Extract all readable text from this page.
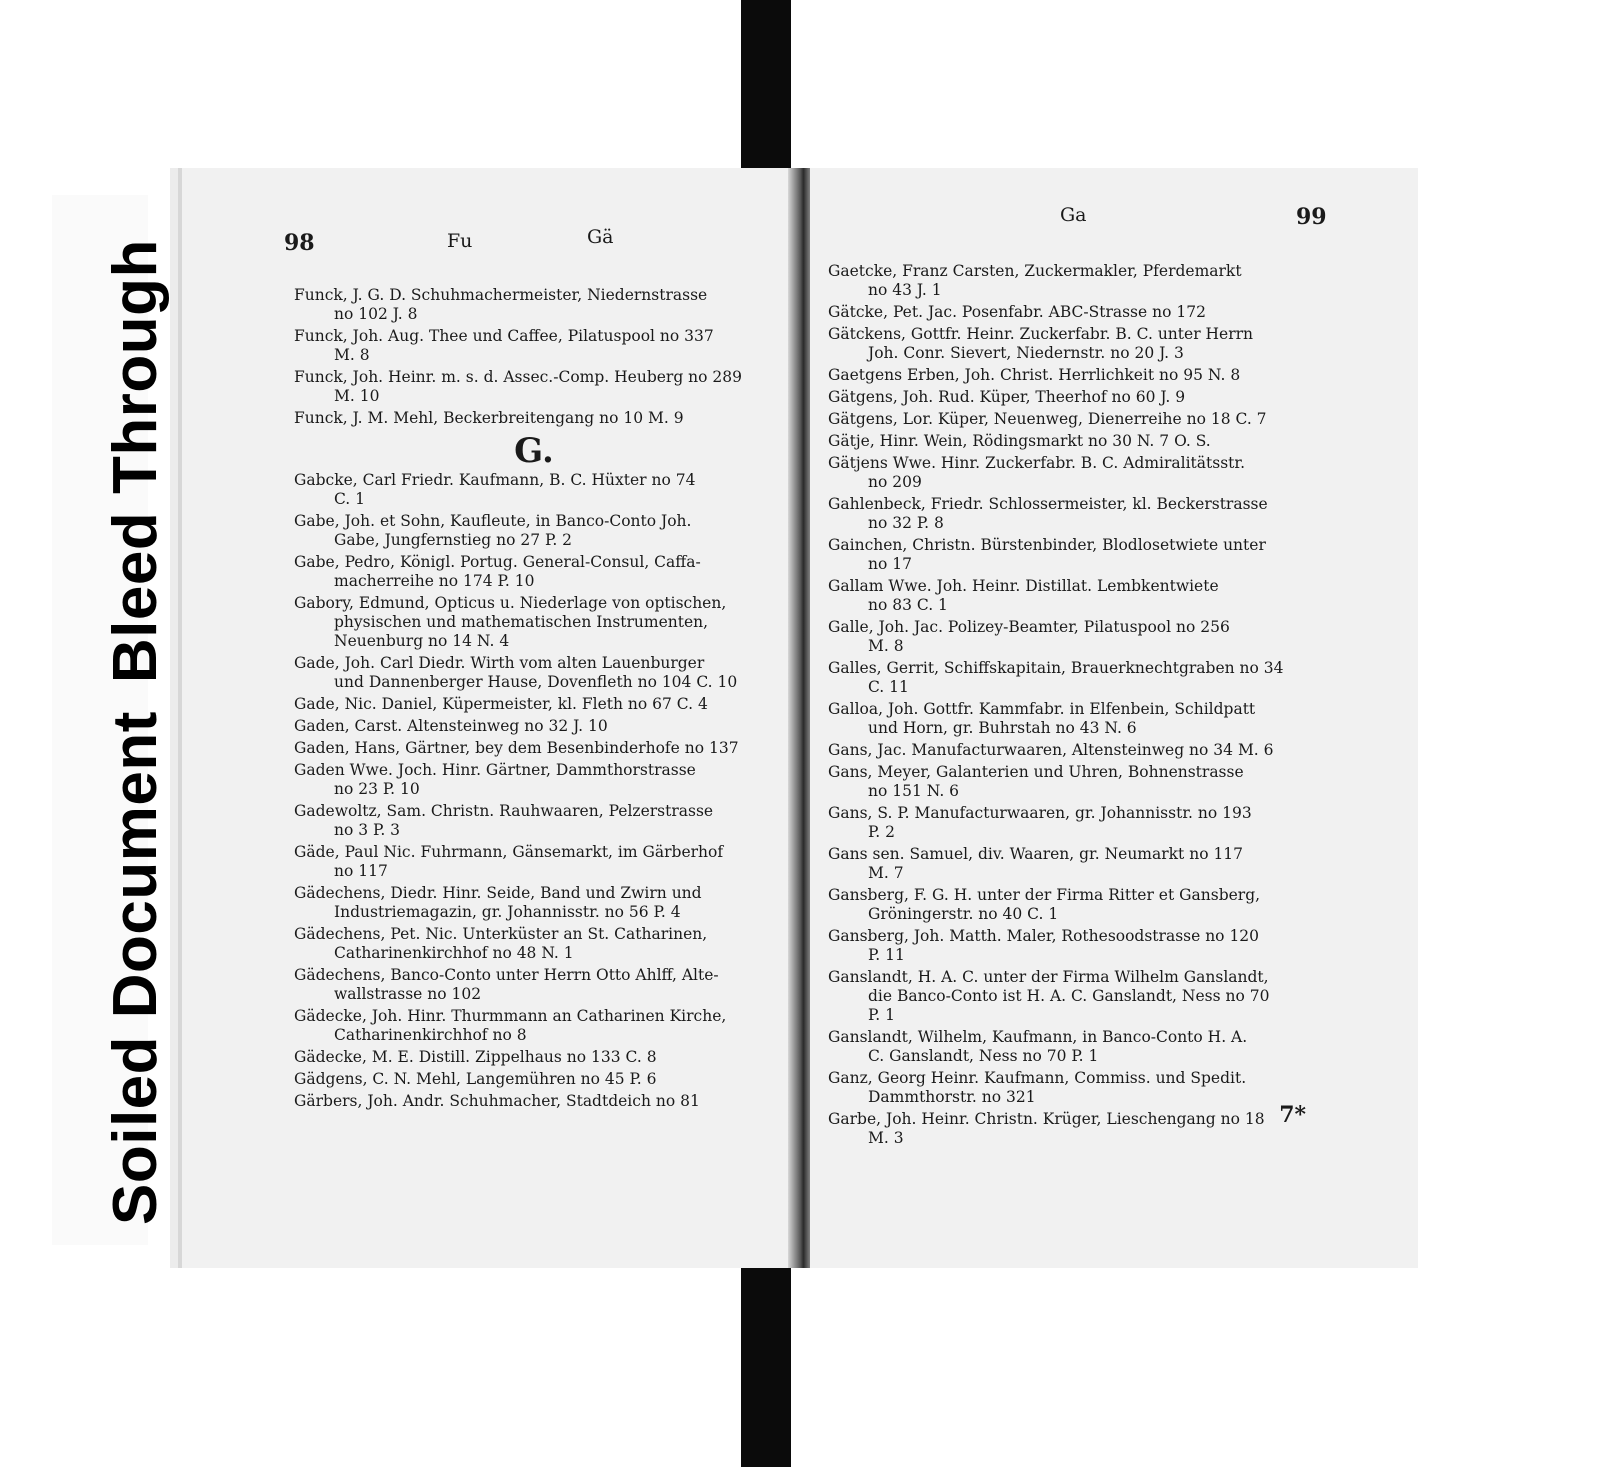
Soiled DocumentBleed Through	98	Fu	Gä
Funck, J. G. D. Schuhmachermeister, Niedernstrasse
no 102 J. 8
Funck, Joh. Aug. Thee und Caffee, Pilatuspool no 337
M. 8
Funck, Joh. Heinr. m. s. d. Assec.-Comp. Heuberg no 289
M. 10
Funck, J. M. Mehl, Beckerbreitengang no 10 M. 9
G.
Gabcke, Carl Friedr. Kaufmann, B. C. Hüxter no 74
C. 1
Gabe, Joh. et Sohn, Kaufleute, in Banco-Conto Joh.
Gabe, Jungfernstieg no 27 P. 2
Gabe, Pedro, Königl. Portug. General-Consul, Caffa-
macherreihe no 174 P. 10
Gabory, Edmund, Opticus u. Niederlage von optischen,
physischen und mathematischen Instrumenten,
Neuenburg no 14 N. 4
Gade, Joh. Carl Diedr. Wirth vom alten Lauenburger
und Dannenberger Hause, Dovenfleth no 104 C. 10
Gade, Nic. Daniel, Küpermeister, kl. Fleth no 67 C. 4
Gaden, Carst. Altensteinweg no 32 J. 10
Gaden, Hans, Gärtner, bey dem Besenbinderhofe no 137
Gaden Wwe. Joch. Hinr. Gärtner, Dammthorstrasse
no 23 P. 10
Gadewoltz, Sam. Christn. Rauhwaaren, Pelzerstrasse
no 3 P. 3
Gäde, Paul Nic. Fuhrmann, Gänsemarkt, im Gärberhof
no 117
Gädechens, Diedr. Hinr. Seide, Band und Zwirn und
Industriemagazin, gr. Johannisstr. no 56 P. 4
Gädechens, Pet. Nic. Unterküster an St. Catharinen,
Catharinenkirchhof no 48 N. 1
Gädechens, Banco-Conto unter Herrn Otto Ahlff, Alte-
wallstrasse no 102
Gädecke, Joh. Hinr. Thurmmann an Catharinen Kirche,
Catharinenkirchhof no 8
Gädecke, M. E. Distill. Zippelhaus no 133 C. 8
Gädgens, C. N. Mehl, Langemühren no 45 P. 6
Gärbers, Joh. Andr. Schuhmacher, Stadtdeich no 81
Ga	99
Gaetcke, Franz Carsten, Zuckermakler, Pferdemarkt
no 43 J. 1
Gätcke, Pet. Jac. Posenfabr. ABC-Strasse no 172
Gätckens, Gottfr. Heinr. Zuckerfabr. B. C. unter Herrn
Joh. Conr. Sievert, Niedernstr. no 20 J. 3
Gaetgens Erben, Joh. Christ. Herrlichkeit no 95 N. 8
Gätgens, Joh. Rud. Küper, Theerhof no 60 J. 9
Gätgens, Lor. Küper, Neuenweg, Dienerreihe no 18 C. 7
Gätje, Hinr. Wein, Rödingsmarkt no 30 N. 7 O. S.
Gätjens Wwe. Hinr. Zuckerfabr. B. C. Admiralitätsstr.
no 209
Gahlenbeck, Friedr. Schlossermeister, kl. Beckerstrasse
no 32 P. 8
Gainchen, Christn. Bürstenbinder, Blodlosetwiete unter
no 17
Gallam Wwe. Joh. Heinr. Distillat. Lembkentwiete
no 83 C. 1
Galle, Joh. Jac. Polizey-Beamter, Pilatuspool no 256
M. 8
Galles, Gerrit, Schiffskapitain, Brauerknechtgraben no 34
C. 11
Galloa, Joh. Gottfr. Kammfabr. in Elfenbein, Schildpatt
und Horn, gr. Buhrstah no 43 N. 6
Gans, Jac. Manufacturwaaren, Altensteinweg no 34 M. 6
Gans, Meyer, Galanterien und Uhren, Bohnenstrasse
no 151 N. 6
Gans, S. P. Manufacturwaaren, gr. Johannisstr. no 193
P. 2
Gans sen. Samuel, div. Waaren, gr. Neumarkt no 117
M. 7
Gansberg, F. G. H. unter der Firma Ritter et Gansberg,
Gröningerstr. no 40 C. 1
Gansberg, Joh. Matth. Maler, Rothesoodstrasse no 120
P. 11
Ganslandt, H. A. C. unter der Firma Wilhelm Ganslandt,
die Banco-Conto ist H. A. C. Ganslandt, Ness no 70
P. 1
Ganslandt, Wilhelm, Kaufmann, in Banco-Conto H. A.
C. Ganslandt, Ness no 70 P. 1
Ganz, Georg Heinr. Kaufmann, Commiss. und Spedit.
Dammthorstr. no 321
Garbe, Joh. Heinr. Christn. Krüger, Lieschengang no 18
M. 3
7*
